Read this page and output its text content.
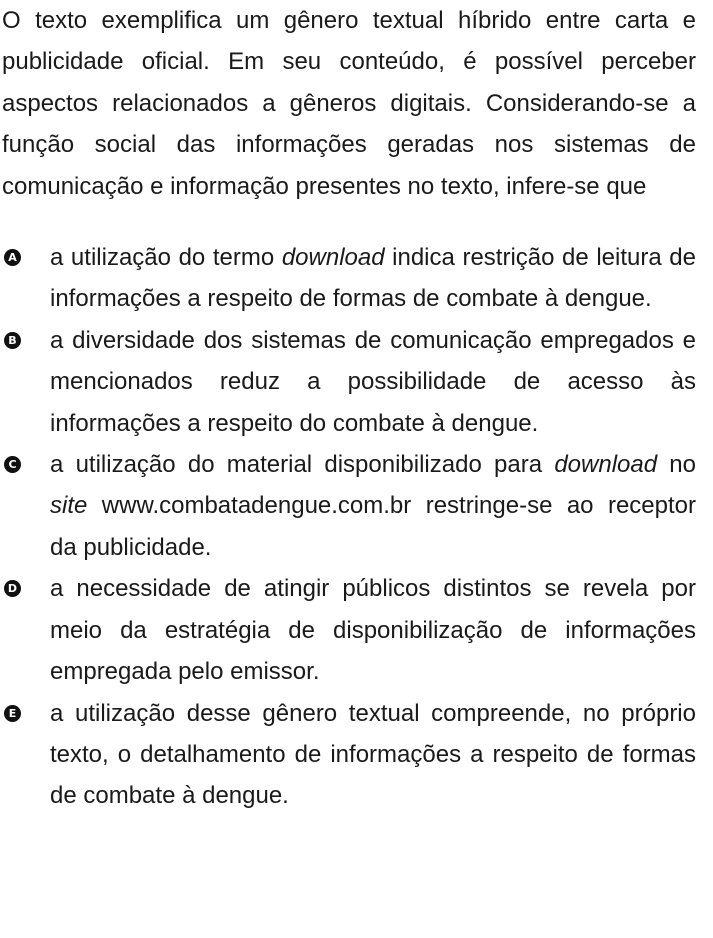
O texto exemplifica um gênero textual híbrido entre carta e publicidade oficial. Em seu conteúdo, é possível perceber aspectos relacionados a gêneros digitais. Considerando-se a função social das informações geradas nos sistemas de comunicação e informação presentes no texto, infere-se que

A a utilização do termo download indica restrição de leitura de informações a respeito de formas de combate à dengue.
B a diversidade dos sistemas de comunicação empregados e mencionados reduz a possibilidade de acesso às informações a respeito do combate à dengue.
C a utilização do material disponibilizado para download no site www.combatadengue.com.br restringe-se ao receptor da publicidade.
D a necessidade de atingir públicos distintos se revela por meio da estratégia de disponibilização de informações empregada pelo emissor.
E a utilização desse gênero textual compreende, no próprio texto, o detalhamento de informações a respeito de formas de combate à dengue.
